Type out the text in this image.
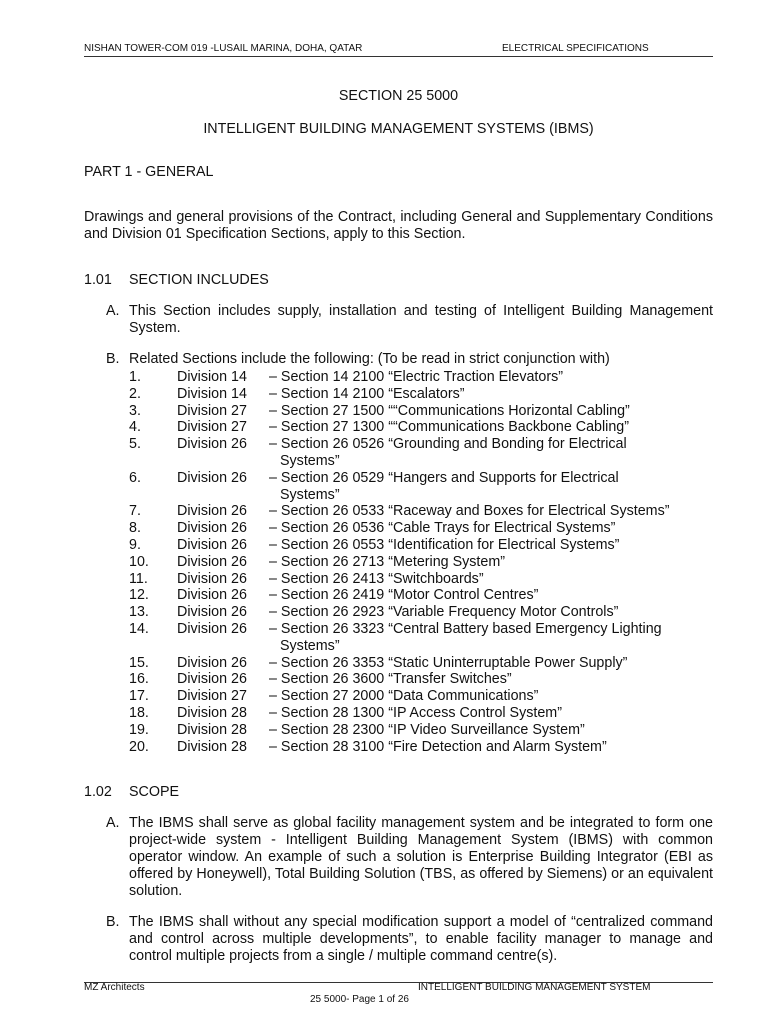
NISHAN TOWER-COM 019 -LUSAIL MARINA, DOHA, QATAR	ELECTRICAL SPECIFICATIONS
SECTION 25 5000
INTELLIGENT BUILDING MANAGEMENT SYSTEMS (IBMS)
PART 1 - GENERAL
Drawings and general provisions of the Contract, including General and Supplementary Conditions and Division 01 Specification Sections, apply to this Section.
1.01 SECTION INCLUDES
A. This Section includes supply, installation and testing of Intelligent Building Management System.
B. Related Sections include the following: (To be read in strict conjunction with)
1.	Division 14 – Section 14 2100 “Electric Traction Elevators”
2.	Division 14 – Section 14 2100 “Escalators”
3.	Division 27 – Section 27 1500 ““Communications Horizontal Cabling”
4.	Division 27 – Section 27 1300 ““Communications Backbone Cabling”
5.	Division 26 – Section 26 0526 “Grounding and Bonding for Electrical
Systems”
6.	Division 26 – Section 26 0529 “Hangers and Supports for Electrical
Systems”
7.	Division 26 – Section 26 0533 “Raceway and Boxes for Electrical Systems”
8.	Division 26 – Section 26 0536 “Cable Trays for Electrical Systems”
9.	Division 26 – Section 26 0553 “Identification for Electrical Systems”
10. Division 26 – Section 26 2713 “Metering System”
11. Division 26 – Section 26 2413 “Switchboards”
12. Division 26 – Section 26 2419 “Motor Control Centres”
13. Division 26 – Section 26 2923 “Variable Frequency Motor Controls”
14. Division 26 – Section 26 3323 “Central Battery based Emergency Lighting
Systems”
15. Division 26 – Section 26 3353 “Static Uninterruptable Power Supply”
16. Division 26 – Section 26 3600 “Transfer Switches”
17. Division 27 – Section 27 2000 “Data Communications”
18. Division 28 – Section 28 1300 “IP Access Control System”
19. Division 28 – Section 28 2300 “IP Video Surveillance System”
20. Division 28 – Section 28 3100 “Fire Detection and Alarm System”
1.02 SCOPE
A. The IBMS shall serve as global facility management system and be integrated to form one project-wide system - Intelligent Building Management System (IBMS) with common operator window. An example of such a solution is Enterprise Building Integrator (EBI as offered by Honeywell), Total Building Solution (TBS, as offered by Siemens) or an equivalent solution.
B. The IBMS shall without any special modification support a model of “centralized command and control across multiple developments”, to enable facility manager to manage and control multiple projects from a single / multiple command centre(s).
MZ Architects	INTELLIGENT BUILDING MANAGEMENT SYSTEM
25 5000- Page 1 of 26
